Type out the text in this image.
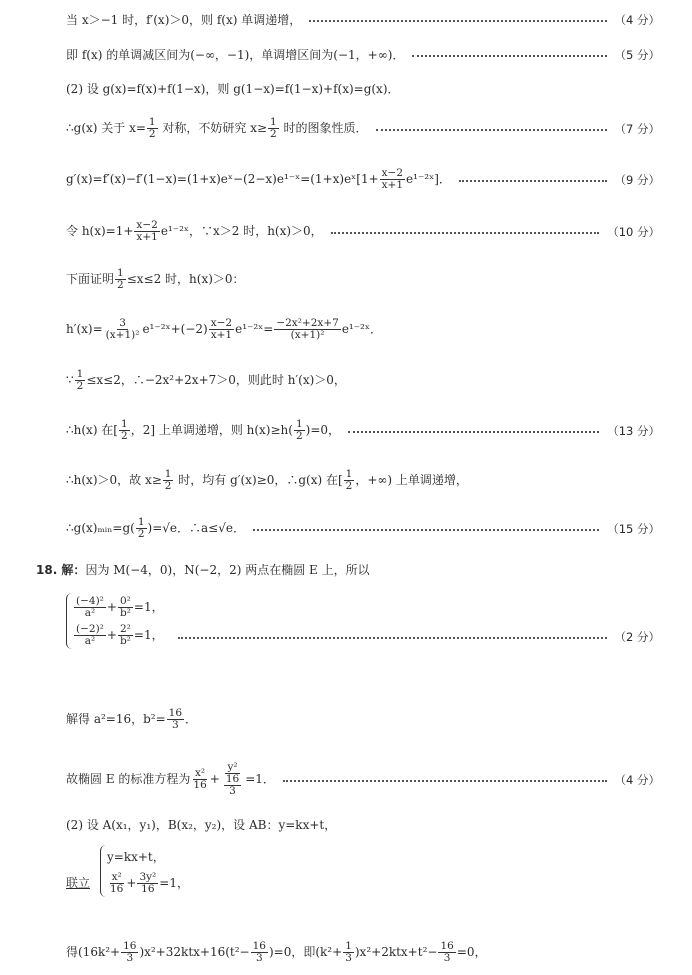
当 x＞−1 时，f′(x)＞0，则 f(x) 单调递增，	（4 分）
即 f(x) 的单调减区间为(−∞，−1)，单调增区间为(−1，+∞)．	（5 分）
(2) 设 g(x)=f(x)+f(1−x)，则 g(1−x)=f(1−x)+f(x)=g(x)．
∴g(x) 关于 $x= \frac{1}{2}$ 对称，不妨研究 $x\ge \frac{1}{2}$ 时的图象性质．	（7 分）
g′(x)=f′(x)−f′(1−x)=(1+x)eˣ−(2−x)e¹⁻ˣ=(1+x)eˣ[1+ $\frac{x-2}{x+1}$ e¹⁻²ˣ]．	（9 分）
令 $h(x)=1+ \frac{x-2}{x+1}$ e¹⁻²ˣ，∵x＞2 时，h(x)＞0，	（10 分）
下面证明 $\frac{1}{2} \le x\le 2$ 时，h(x)＞0：
$h'(x)= \frac{3}{\text{(x+1)²}}$ e¹⁻²ˣ+(−2) $\frac{x-2}{x+1}$ e¹⁻²ˣ= $\frac{\text{−2x²+2x+7}}{\text{(x+1)²}}$ e¹⁻²ˣ．
∵ $\frac{1}{2} \le x\le 2$，∴−2x²+2x+7＞0，则此时 h′(x)＞0，
∴h(x) 在[ $\frac{1}{2}$ ，2] 上单调递增，则 $h(x)\ge h( \frac{1}{2} )=0$，	（13 分）
∴h(x)＞0，故 $x\ge \frac{1}{2}$ 时，均有 g′(x)≥0，∴g(x) 在[ $\frac{1}{2}$ ，+∞) 上单调递增，
∴g(x)ₘᵢₙ=g( $\frac{1}{2} )=√e$．∴a≤√e．	（15 分）
18. 解： 因为 M(−4，0)，N(−2，2) 两点在椭圆 E 上，所以
$\frac{\text{(−4)²}}{\text{a²}} + \frac{\text{0²}}{\text{b²}} =1$，
$\frac{\text{(−2)²}}{\text{a²}} + \frac{\text{2²}}{\text{b²}} =1$，	（2 分）
解得 a²=16，$b^2= \frac{16}{3}$ ．
故椭圆 E 的标准方程为 $\frac{\text{x²}}{16} + \frac{\text{y²}}{\frac{16}{3}} =1$．	（4 分）
(2) 设 A(x₁，y₁)，B(x₂，y₂)，设 AB：y=kx+t，
联立
y=kx+t，
$\frac{\text{x²}}{16} + \frac{\text{3y²}}{16} =1$，
得$(16k^2+ \frac{16}{3} )x^2+32ktx+16(t^2- \frac{16}{3} )=0$，即$(k^2+ \frac{1}{3} )x^2+2ktx+t^2- \frac{16}{3} =0$，
